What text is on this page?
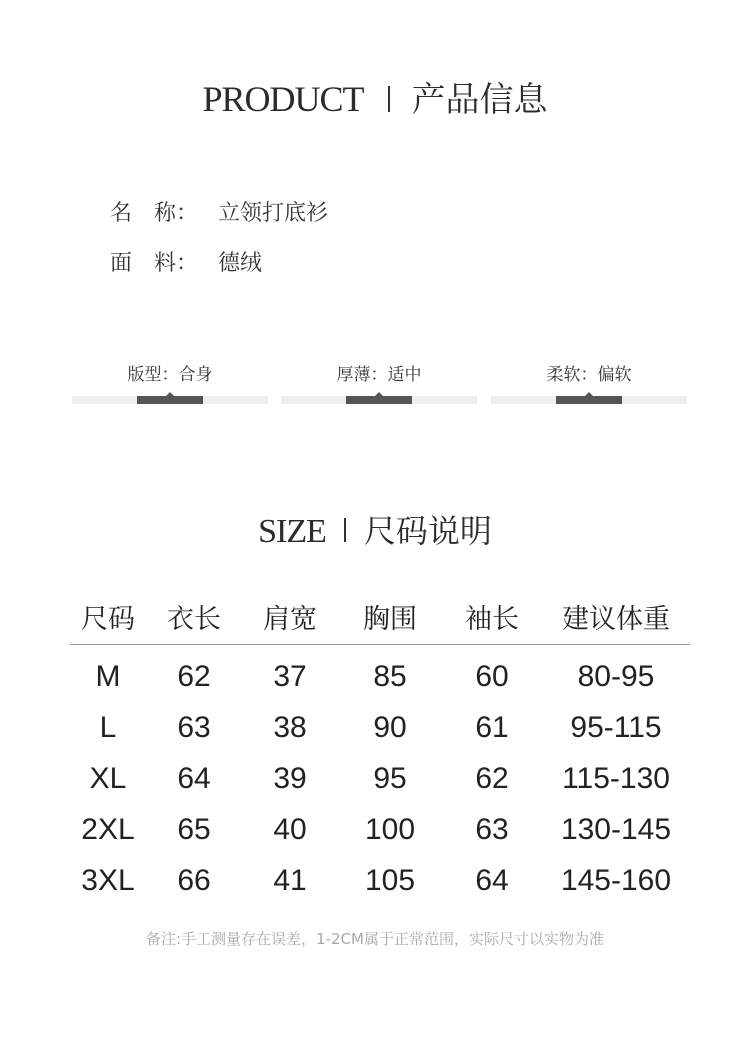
PRODUCT 产品信息
名　称： 立领打底衫
面　料： 德绒
版型：合身	厚薄：适中	柔软：偏软
SIZE 尺码说明
尺码	衣长	肩宽	胸围	袖长	建议体重
M	62	37	85	60	80-95
L	63	38	90	61	95-115
XL	64	39	95	62	115-130
2XL	65	40	100	63	130-145
3XL	66	41	105	64	145-160
备注:手工测量存在误差，1-2CM属于正常范围，实际尺寸以实物为准
